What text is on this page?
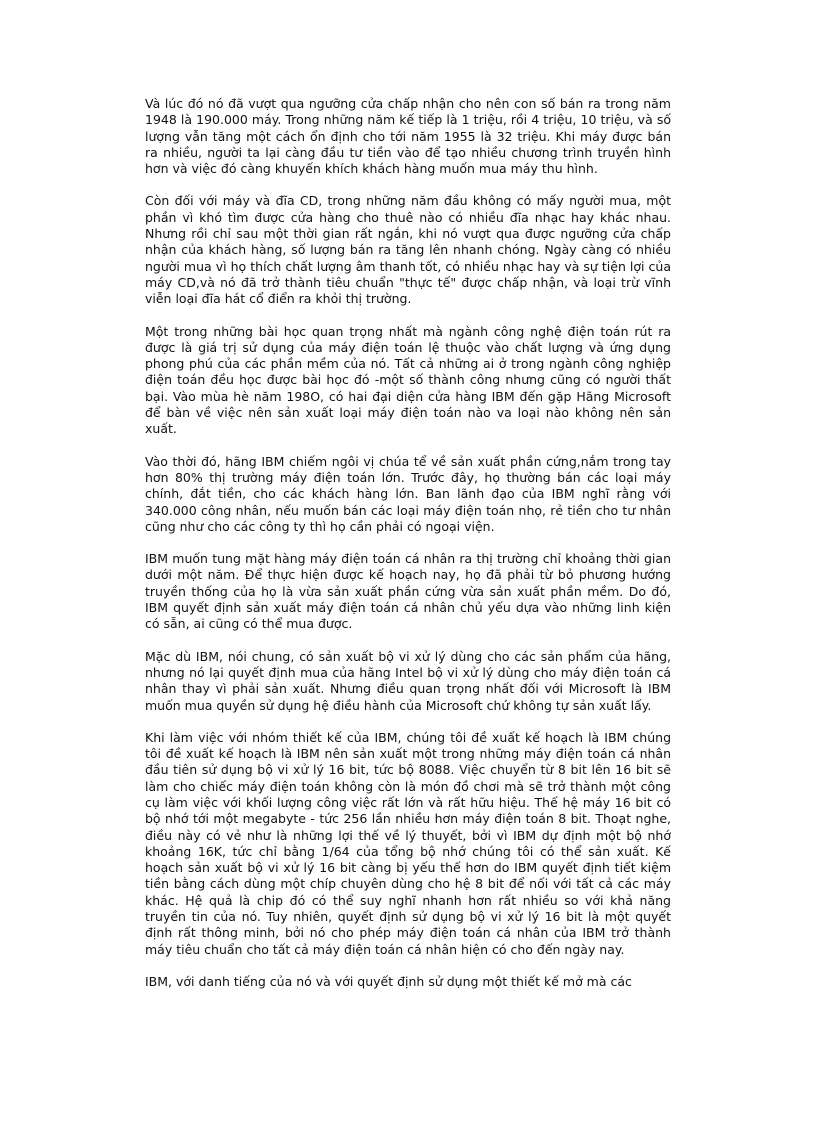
Và lúc đó nó đã vượt qua ngưỡng cửa chấp nhận cho nên con số bán ra trong năm 1948 là 190.000 máy. Trong những năm kế tiếp là 1 triệu, rồi 4 triệu, 10 triệu, và số lượng vẫn tăng một cách ổn định cho tới năm 1955 là 32 triệu. Khi máy được bán ra nhiều, người ta lại càng đầu tư tiền vào để tạo nhiều chương trình truyền hình hơn và việc đó càng khuyến khích khách hàng muốn mua máy thu hình.

Còn đối với máy và đĩa CD, trong những năm đầu không có mấy người mua, một phần vì khó tìm được cửa hàng cho thuê nào có nhiều đĩa nhạc hay khác nhau. Nhưng rồi chỉ sau một thời gian rất ngắn, khi nó vượt qua được ngưỡng cửa chấp nhận của khách hàng, số lượng bán ra tăng lên nhanh chóng. Ngày càng có nhiều người mua vì họ thích chất lượng âm thanh tốt, có nhiều nhạc hay và sự tiện lợi của máy CD,và nó đã trở thành tiêu chuẩn "thực tế" được chấp nhận, và loại trừ vĩnh viễn loại đĩa hát cổ điển ra khỏi thị trường.

Một trong những bài học quan trọng nhất mà ngành công nghệ điện toán rút ra được là giá trị sử dụng của máy điện toán lệ thuộc vào chất lượng và ứng dụng phong phú của các phần mềm của nó. Tất cả những ai ở trong ngành công nghiệp điện toán đều học được bài học đó -một số thành công nhưng cũng có người thất bại. Vào mùa hè năm 198O, có hai đại diện cửa hàng IBM đến gặp Hãng Microsoft để bàn về việc nên sản xuất loại máy điện toán nào va loại nào không nên sản xuất.

Vào thời đó, hãng IBM chiếm ngôi vị chúa tể về sản xuất phần cứng,nắm trong tay hơn 80% thị trường máy điện toán lớn. Trước đây, họ thường bán các loại máy chính, đắt tiền, cho các khách hàng lớn. Ban lãnh đạo của IBM nghĩ rằng với 340.000 công nhân, nếu muốn bán các loại máy điện toán nhọ, rẻ tiền cho tư nhân cũng như cho các công ty thì họ cần phải có ngoại viện.

IBM muốn tung mặt hàng máy điện toán cá nhân ra thị trường chỉ khoảng thời gian dưới một năm. Để thực hiện được kế hoạch nay, họ đã phải từ bỏ phương hướng truyền thống của họ là vừa sản xuất phần cứng vừa sản xuất phần mềm. Do đó, IBM quyết định sản xuất máy điện toán cá nhân chủ yếu dựa vào những linh kiện có sẵn, ai cũng có thể mua được.

Mặc dù IBM, nói chung, có sản xuất bộ vi xử lý dùng cho các sản phẩm của hãng, nhưng nó lại quyết định mua của hãng Intel bộ vi xử lý dùng cho máy điện toán cá nhân thay vì phải sản xuất. Nhưng điều quan trọng nhất đối với Microsoft là IBM muốn mua quyền sử dụng hệ điều hành của Microsoft chứ không tự sản xuất lấy.

Khi làm việc với nhóm thiết kế của IBM, chúng tôi đề xuất kế hoạch là IBM chúng tôi đề xuất kế hoạch là IBM nên sản xuất một trong những máy điện toán cá nhân đầu tiên sử dụng bộ vi xử lý 16 bit, tức bộ 8088. Việc chuyển từ 8 bit lên 16 bit sẽ làm cho chiếc máy điện toán không còn là món đồ chơi mà sẽ trở thành một công cụ làm việc với khối lượng công việc rất lớn và rất hữu hiệu. Thế hệ máy 16 bit có bộ nhớ tới một megabyte - tức 256 lần nhiều hơn máy điện toán 8 bit. Thoạt nghe, điều này có vẻ như là những lợi thế về lý thuyết, bởi vì IBM dự định một bộ nhớ khoảng 16K, tức chỉ bằng 1/64 của tổng bộ nhớ chúng tôi có thể sản xuất. Kế hoạch sản xuất bộ vi xử lý 16 bit càng bị yếu thế hơn do IBM quyết định tiết kiệm tiền bằng cách dùng một chíp chuyên dùng cho hệ 8 bit để nối với tất cả các máy khác. Hệ quả là chip đó có thể suy nghĩ nhanh hơn rất nhiều so với khả năng truyền tin của nó. Tuy nhiên, quyết định sử dụng bộ vi xử lý 16 bit là một quyết định rất thông minh, bởi nó cho phép máy điện toán cá nhân của IBM trở thành máy tiêu chuẩn cho tất cả máy điện toán cá nhân hiện có cho đến ngày nay.

IBM, với danh tiếng của nó và với quyết định sử dụng một thiết kế mở mà các
